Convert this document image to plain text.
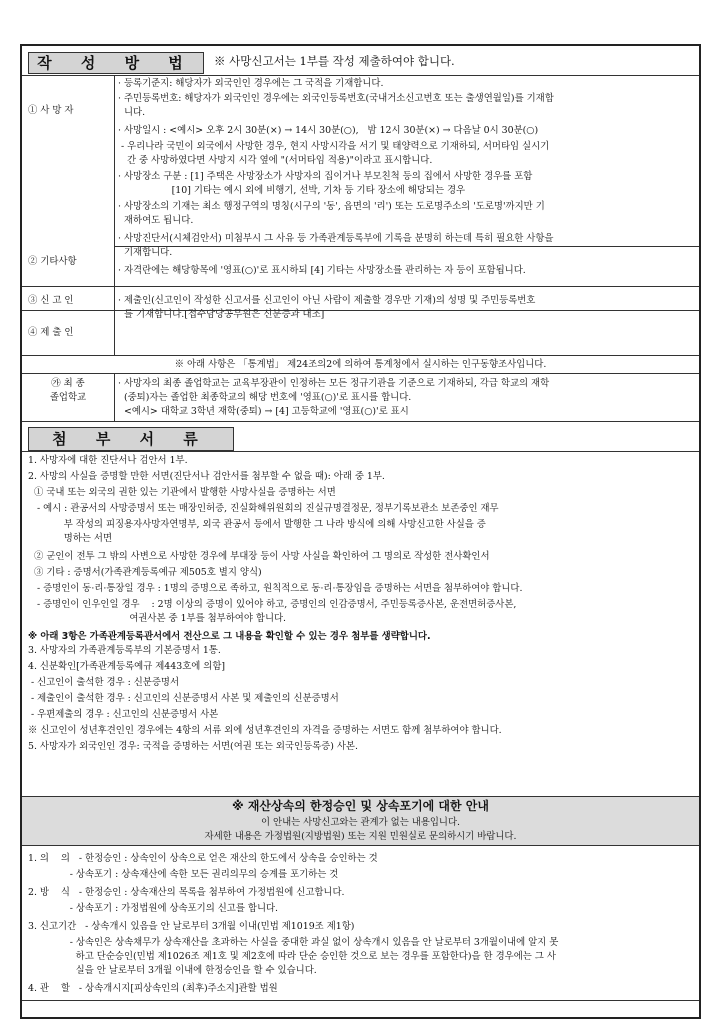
작 성 방 법	※ 사망신고서는 1부를 작성 제출하여야 합니다.
① 사 망 자
② 기타사항
③ 신 고 인
④ 제 출 인
· 등록기준지: 해당자가 외국인인 경우에는 그 국적을 기재합니다.
· 주민등록번호: 해당자가 외국인인 경우에는 외국인등록번호(국내거소신고번호 또는 출생연월일)를 기재합
니다.
· 사망일시 : <예시> 오후 2시 30분(×) → 14시 30분(○),   밤 12시 30분(×) → 다음날 0시 30분(○)
- 우리나라 국민이 외국에서 사망한 경우, 현지 사망시각을 서기 및 태양력으로 기재하되, 서머타임 실시기
간 중 사망하였다면 사망지 시각 옆에 "(서머타임 적용)"이라고 표시합니다.
· 사망장소 구분 : [1] 주택은 사망장소가 사망자의 집이거나 부모친척 등의 집에서 사망한 경우를 포함
[10] 기타는 예시 외에 비행기, 선박, 기차 등 기타 장소에 해당되는 경우
· 사망장소의 기재는 최소 행정구역의 명칭(시구의 '동', 읍면의 '리') 또는 도로명주소의 '도로명'까지만 기
재하여도 됩니다.
· 사망진단서(시체검안서) 미첨부시 그 사유 등 가족관계등록부에 기록을 분명히 하는데 특히 필요한 사항을
기재합니다.
· 자격란에는 해당항목에 '영표(○)'로 표시하되 [4] 기타는 사망장소를 관리하는 자 등이 포함됩니다.
· 제출인(신고인이 작성한 신고서를 신고인이 아닌 사람이 제출할 경우만 기재)의 성명 및 주민등록번호
를 기재합니다.[접수담당공무원은 신분증과 대조]
※ 아래 사항은 「통계법」 제24조의2에 의하여 통계청에서 실시하는 인구동향조사입니다.
㉮ 최 종
졸업학교
· 사망자의 최종 졸업학교는 교육부장관이 인정하는 모든 정규기관을 기준으로 기재하되, 각급 학교의 재학
(중퇴)자는 졸업한 최종학교의 해당 번호에 '영표(○)'로 표시를 합니다.
<예시> 대학교 3학년 재학(중퇴) → [4] 고등학교에 '영표(○)'로 표시
첨 부 서 류
1. 사망자에 대한 진단서나 검안서 1부.
2. 사망의 사실을 증명할 만한 서면(진단서나 검안서를 첨부할 수 없을 때): 아래 중 1부.
① 국내 또는 외국의 권한 있는 기관에서 발행한 사망사실을 증명하는 서면
- 예시 : 관공서의 사망증명서 또는 매장인허증, 진실화해위원회의 진실규명결정문, 정부기록보관소 보존중인 재무
부 작성의 피징용자사망자연명부, 외국 관공서 등에서 발행한 그 나라 방식에 의해 사망신고한 사실을 증
명하는 서면
② 군인이 전투 그 밖의 사변으로 사망한 경우에 부대장 등이 사망 사실을 확인하여 그 명의로 작성한 전사확인서
③ 기타 : 증명서(가족관계등록예규 제505호 별지 양식)
- 증명인이 동·리·통장일 경우 : 1명의 증명으로 족하고, 원칙적으로 동·리·통장임을 증명하는 서면을 첨부하여야 합니다.
- 증명인이 인우인일 경우    : 2명 이상의 증명이 있어야 하고, 증명인의 인감증명서, 주민등록증사본, 운전면허증사본,
여권사본 중 1부를 첨부하여야 합니다.
※ 아래 3항은 가족관계등록관서에서 전산으로 그 내용을 확인할 수 있는 경우 첨부를 생략합니다.
3. 사망자의 가족관계등록부의 기본증명서 1통.
4. 신분확인[가족관계등록예규 제443호에 의함]
- 신고인이 출석한 경우 : 신분증명서
- 제출인이 출석한 경우 : 신고인의 신분증명서 사본 및 제출인의 신분증명서
- 우편제출의 경우 : 신고인의 신분증명서 사본
※ 신고인이 성년후견인인 경우에는 4항의 서류 외에 성년후견인의 자격을 증명하는 서면도 함께 첨부하여야 합니다.
5. 사망자가 외국인인 경우: 국적을 증명하는 서면(여권 또는 외국인등록증) 사본.
※ 재산상속의 한정승인 및 상속포기에 대한 안내
이 안내는 사망신고와는 관계가 없는 내용입니다.
자세한 내용은 가정법원(지방법원) 또는 지원 민원실로 문의하시기 바랍니다.
1. 의    의   - 한정승인 : 상속인이 상속으로 얻은 재산의 한도에서 상속을 승인하는 것
- 상속포기 : 상속재산에 속한 모든 권리의무의 승계를 포기하는 것
2. 방    식   - 한정승인 : 상속재산의 목록을 첨부하여 가정법원에 신고합니다.
- 상속포기 : 가정법원에 상속포기의 신고를 합니다.
3. 신고기간   - 상속개시 있음을 안 날로부터 3개월 이내(민법 제1019조 제1항)
- 상속인은 상속채무가 상속재산을 초과하는 사실을 중대한 과실 없이 상속개시 있음을 안 날로부터 3개월이내에 알지 못
하고 단순승인(민법 제1026조 제1호 및 제2호에 따라 단순 승인한 것으로 보는 경우를 포함한다)을 한 경우에는 그 사
실을 안 날로부터 3개월 이내에 한정승인을 할 수 있습니다.
4. 관    할   - 상속개시지[피상속인의 (최후)주소지]관할 법원
